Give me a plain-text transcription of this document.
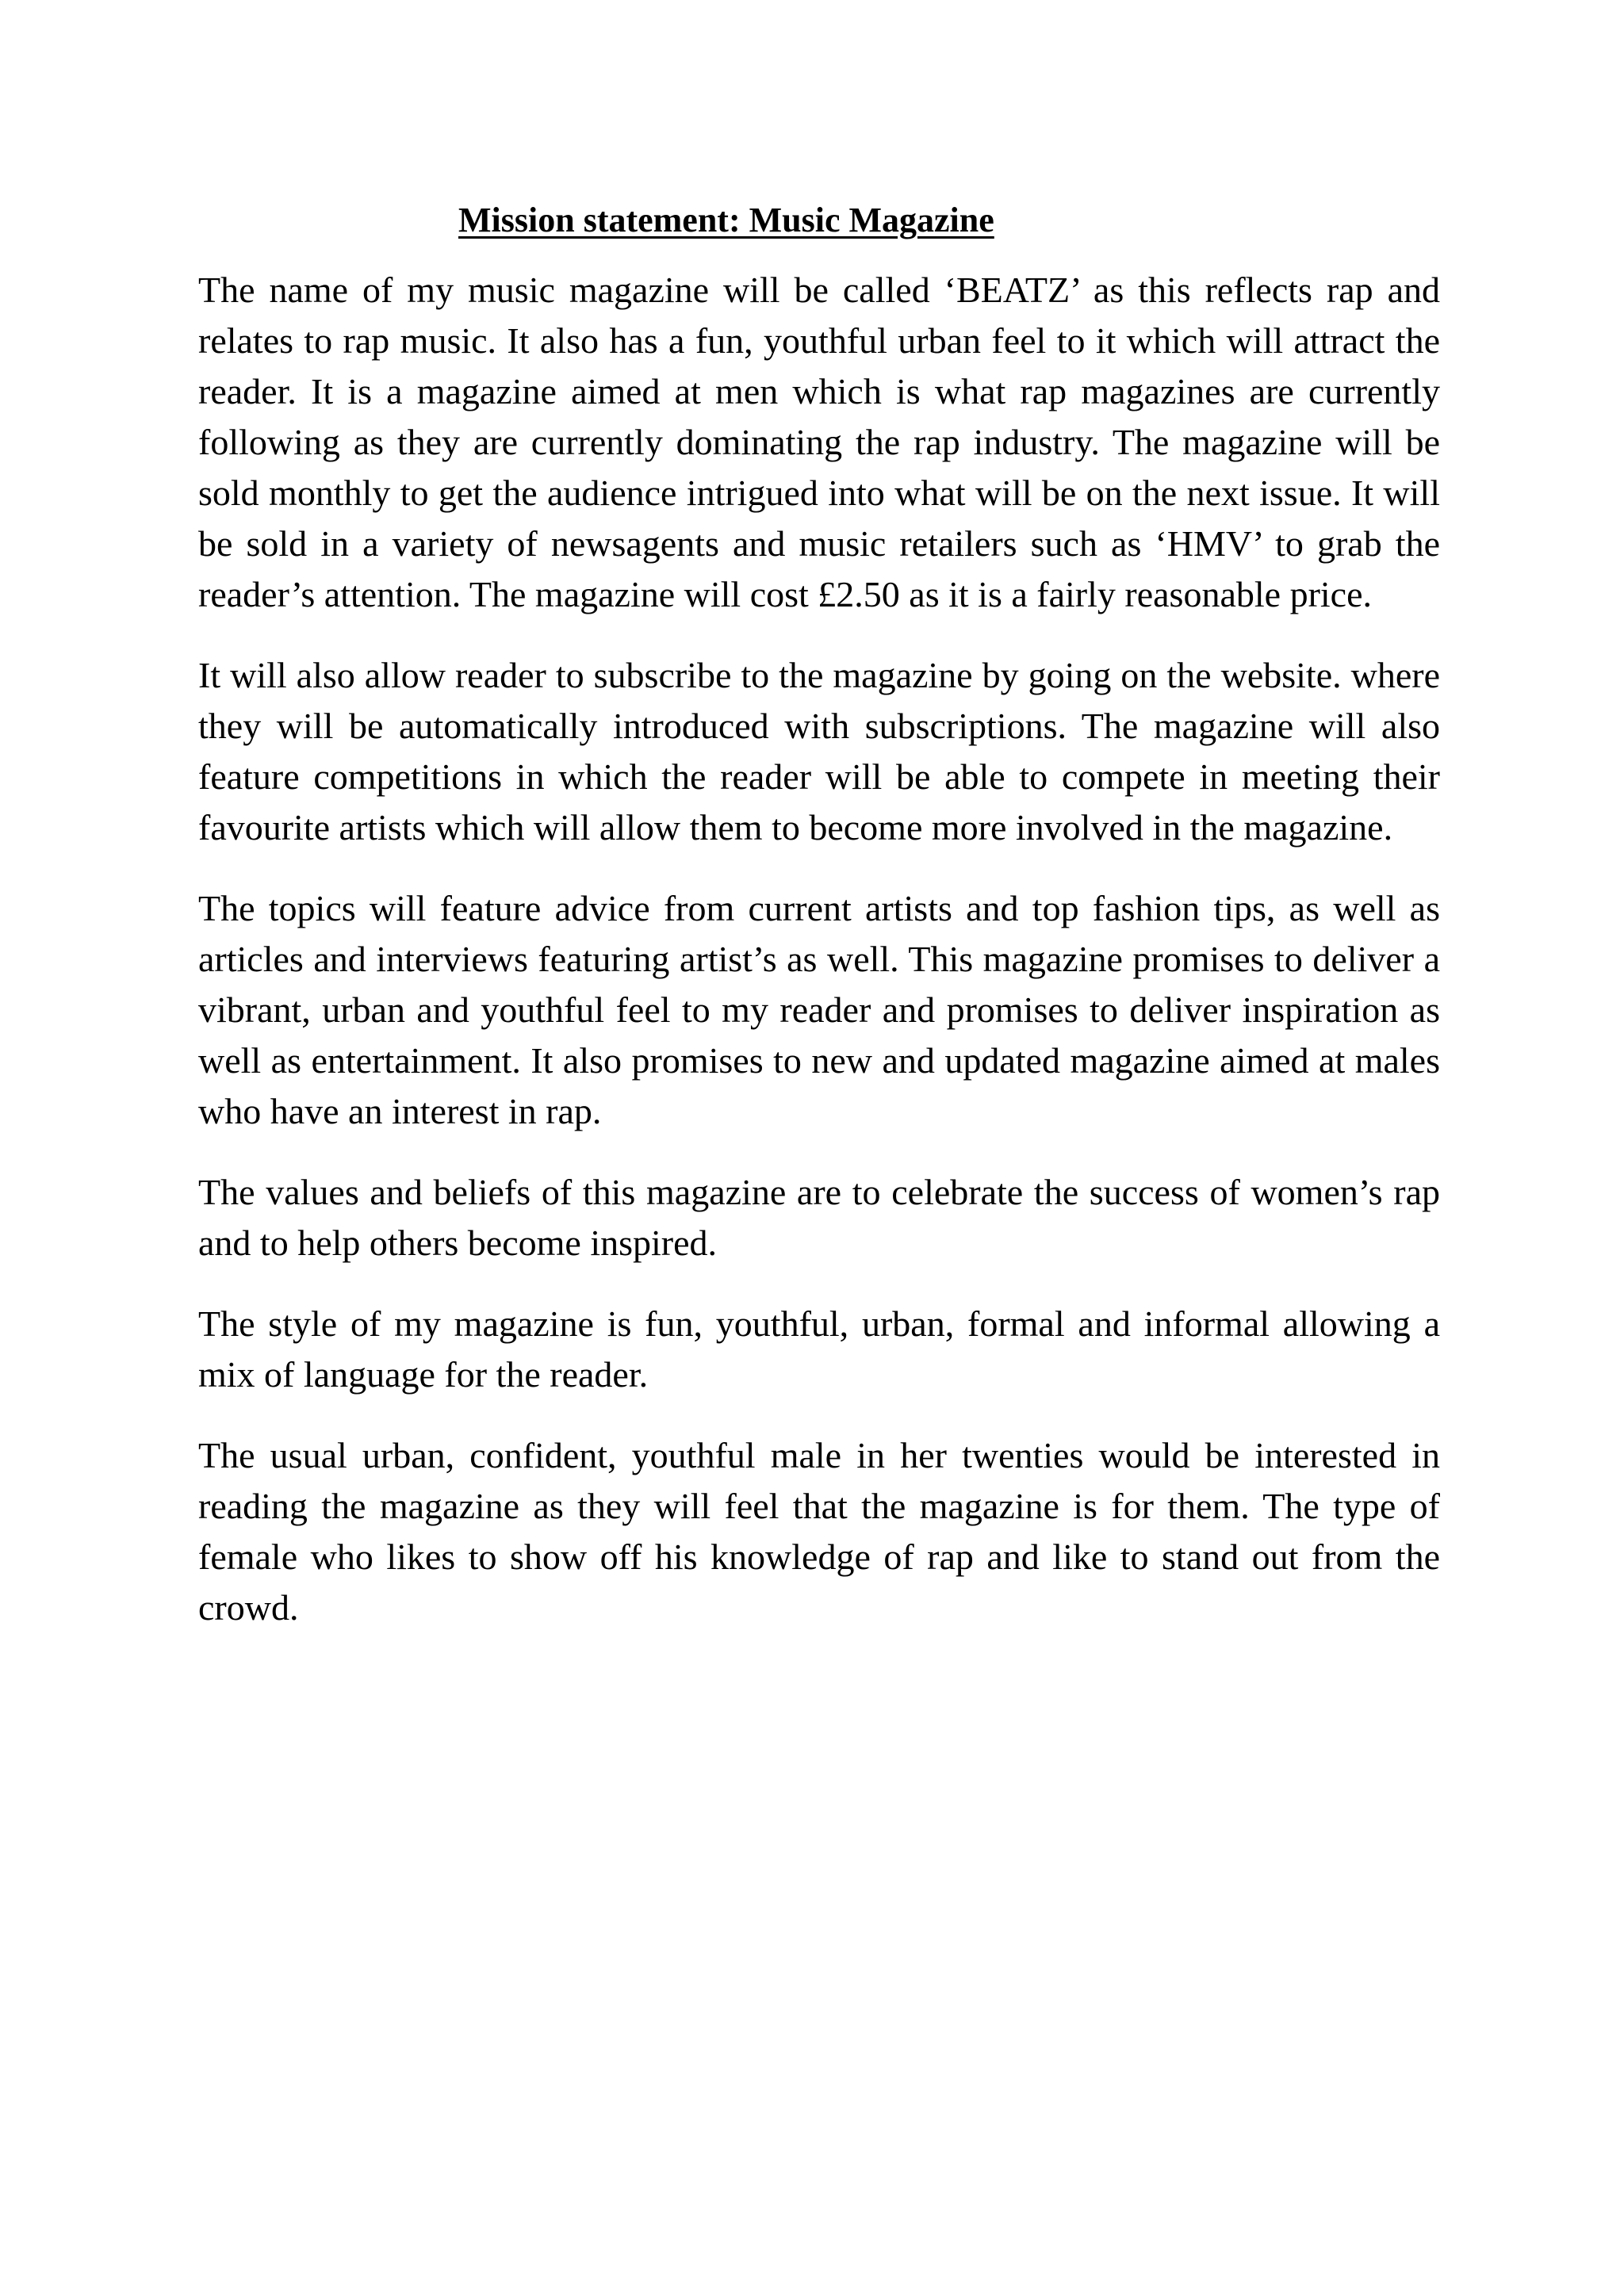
Mission statement: Music Magazine

The name of my music magazine will be called ‘BEATZ’ as this reflects rap and relates to rap music. It also has a fun, youthful urban feel to it which will attract the reader. It is a magazine aimed at men which is what rap magazines are currently following as they are currently dominating the rap industry. The magazine will be sold monthly to get the audience intrigued into what will be on the next issue. It will be sold in a variety of newsagents and music retailers such as ‘HMV’ to grab the reader’s attention. The magazine will cost £2.50 as it is a fairly reasonable price.

It will also allow reader to subscribe to the magazine by going on the website. where they will be automatically introduced with subscriptions. The magazine will also feature competitions in which the reader will be able to compete in meeting their favourite artists which will allow them to become more involved in the magazine.

The topics will feature advice from current artists and top fashion tips, as well as articles and interviews featuring artist’s as well. This magazine promises to deliver a vibrant, urban and youthful feel to my reader and promises to deliver inspiration as well as entertainment. It also promises to new and updated magazine aimed at males who have an interest in rap.

The values and beliefs of this magazine are to celebrate the success of women’s rap and to help others become inspired.

The style of my magazine is fun, youthful, urban, formal and informal allowing a mix of language for the reader.

The usual urban, confident, youthful male in her twenties would be interested in reading the magazine as they will feel that the magazine is for them. The type of female who likes to show off his knowledge of rap and like to stand out from the crowd.
